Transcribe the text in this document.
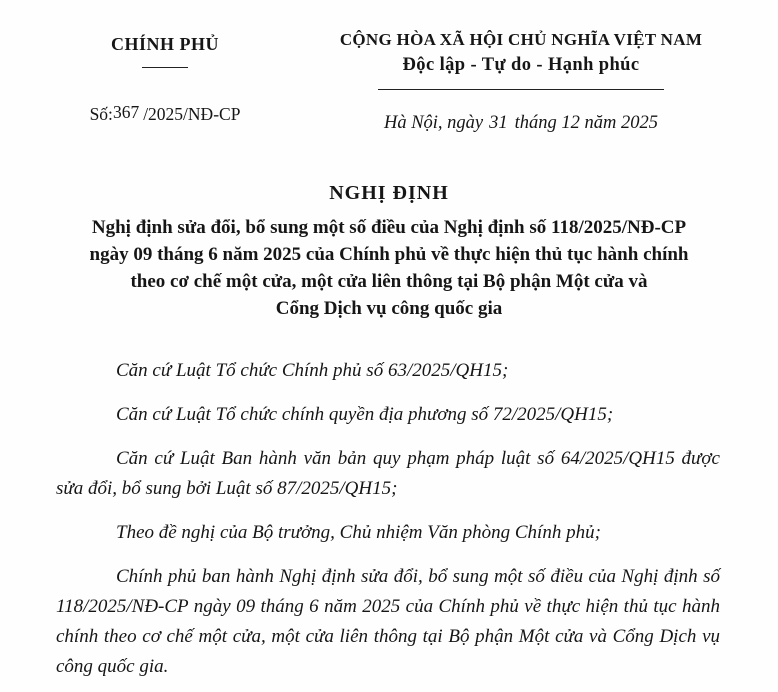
CHÍNH PHỦ
Số:367 /2025/NĐ-CP
CỘNG HÒA XÃ HỘI CHỦ NGHĨA VIỆT NAM
Độc lập - Tự do - Hạnh phúc
Hà Nội, ngày 31 tháng 12 năm 2025
NGHỊ ĐỊNH
Nghị định sửa đổi, bổ sung một số điều của Nghị định số 118/2025/NĐ-CP
ngày 09 tháng 6 năm 2025 của Chính phủ về thực hiện thủ tục hành chính
theo cơ chế một cửa, một cửa liên thông tại Bộ phận Một cửa và
Cổng Dịch vụ công quốc gia

Căn cứ Luật Tổ chức Chính phủ số 63/2025/QH15;

Căn cứ Luật Tổ chức chính quyền địa phương số 72/2025/QH15;

Căn cứ Luật Ban hành văn bản quy phạm pháp luật số 64/2025/QH15 được sửa đổi, bổ sung bởi Luật số 87/2025/QH15;

Theo đề nghị của Bộ trưởng, Chủ nhiệm Văn phòng Chính phủ;

Chính phủ ban hành Nghị định sửa đổi, bổ sung một số điều của Nghị định số 118/2025/NĐ-CP ngày 09 tháng 6 năm 2025 của Chính phủ về thực hiện thủ tục hành chính theo cơ chế một cửa, một cửa liên thông tại Bộ phận Một cửa và Cổng Dịch vụ công quốc gia.
